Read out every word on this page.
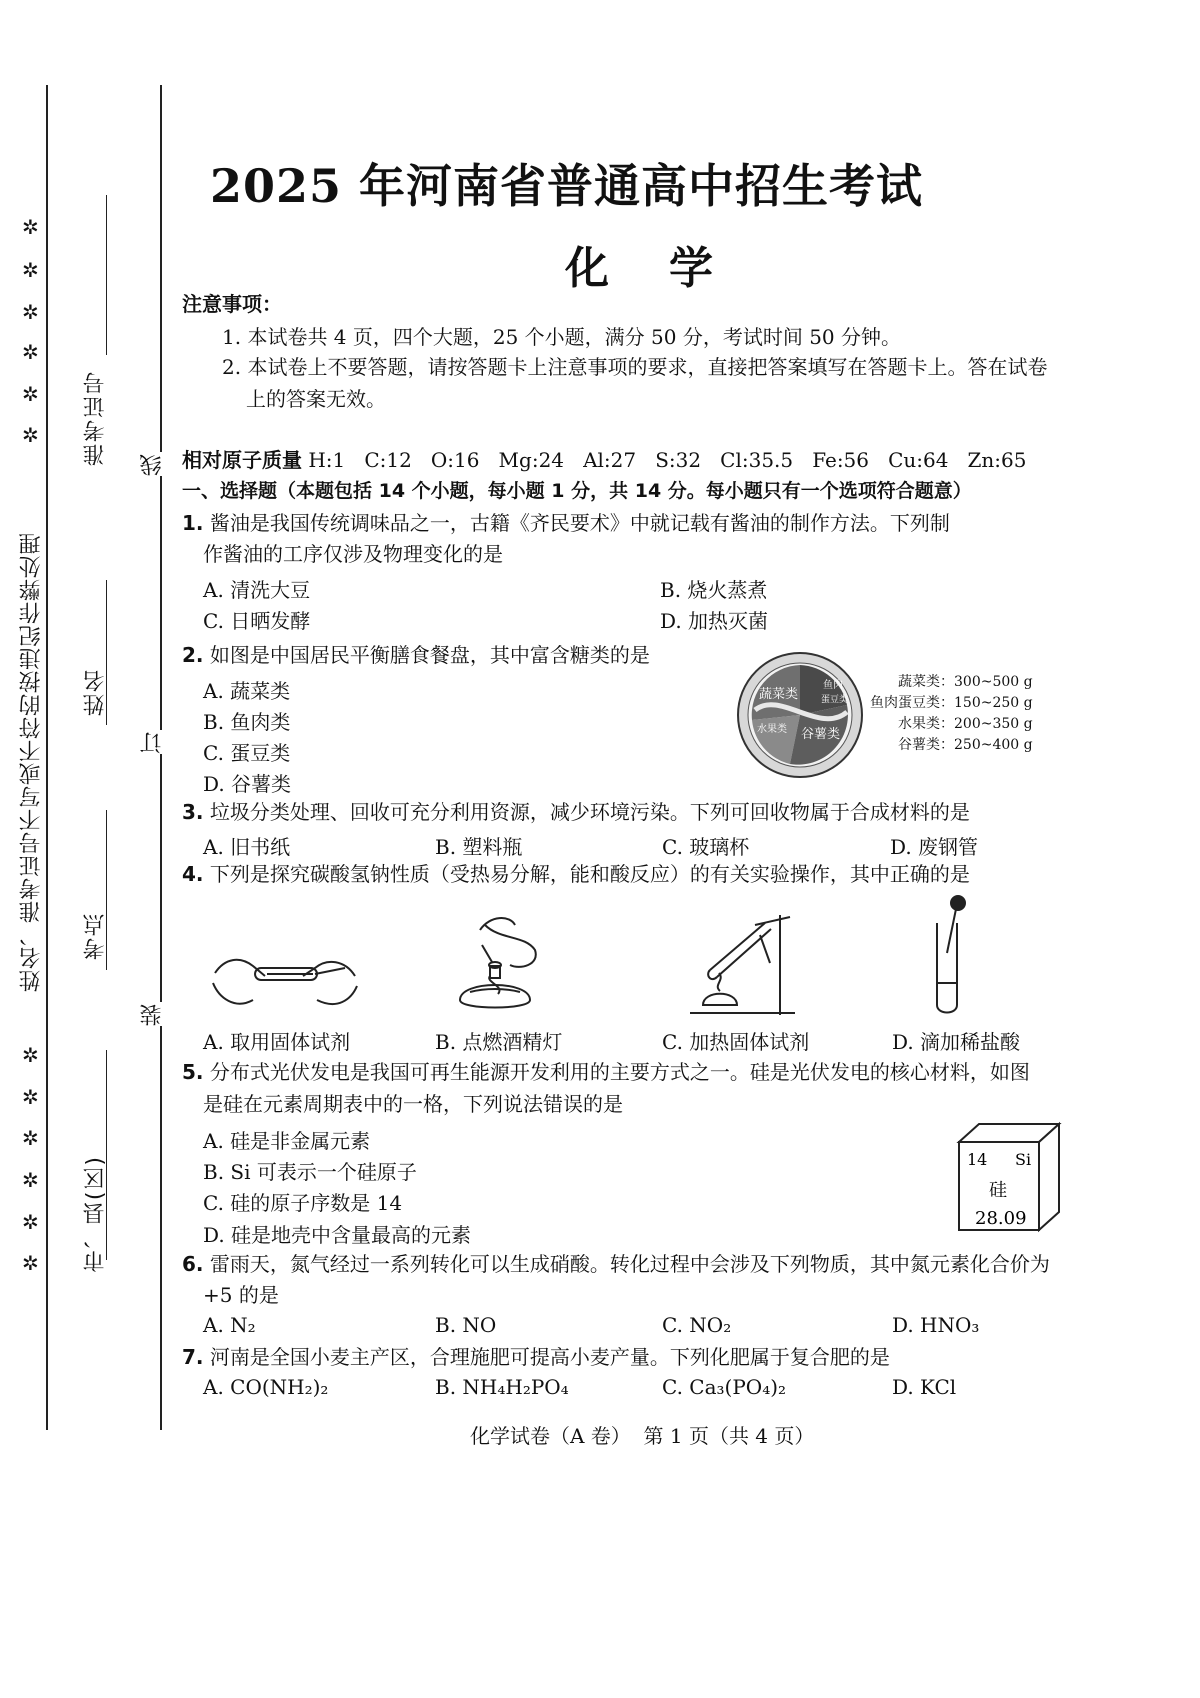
✲
✲
✲
✲
✲
✲
✲
✲
✲
✲
✲
✲
姓名、准考证号不写或不符的按违纪作弊处理
准考证号
姓名
考点
市、县(区)
线
订
装
2025 年河南省普通高中招生考试
化学
注意事项：
1. 本试卷共 4 页，四个大题，25 个小题，满分 50 分，考试时间 50 分钟。
2. 本试卷上不要答题，请按答题卡上注意事项的要求，直接把答案填写在答题卡上。答在试卷
上的答案无效。
相对原子质量 H:1   C:12   O:16   Mg:24   Al:27   S:32   Cl:35.5   Fe:56   Cu:64   Zn:65
一、选择题（本题包括 14 个小题，每小题 1 分，共 14 分。每小题只有一个选项符合题意）
1. 酱油是我国传统调味品之一，古籍《齐民要术》中就记载有酱油的制作方法。下列制
作酱油的工序仅涉及物理变化的是
A. 清洗大豆	B. 烧火蒸煮
C. 日晒发酵	D. 加热灭菌
2. 如图是中国居民平衡膳食餐盘，其中富含糖类的是
A. 蔬菜类
B. 鱼肉类
C. 蛋豆类
D. 谷薯类
蔬菜类
鱼肉
蛋豆类
水果类 谷薯类
蔬菜类：300~500 g
鱼肉蛋豆类：150~250 g
水果类：200~350 g
谷薯类：250~400 g
3. 垃圾分类处理、回收可充分利用资源，减少环境污染。下列可回收物属于合成材料的是
A. 旧书纸	B. 塑料瓶	C. 玻璃杯	D. 废钢管
4. 下列是探究碳酸氢钠性质（受热易分解，能和酸反应）的有关实验操作，其中正确的是
A. 取用固体试剂	B. 点燃酒精灯	C. 加热固体试剂	D. 滴加稀盐酸
5. 分布式光伏发电是我国可再生能源开发利用的主要方式之一。硅是光伏发电的核心材料，如图
是硅在元素周期表中的一格，下列说法错误的是
A. 硅是非金属元素
B. Si 可表示一个硅原子
C. 硅的原子序数是 14
D. 硅是地壳中含量最高的元素
14 Si
硅
28.09
6. 雷雨天，氮气经过一系列转化可以生成硝酸。转化过程中会涉及下列物质，其中氮元素化合价为
+5 的是
A. N₂	B. NO	C. NO₂	D. HNO₃
7. 河南是全国小麦主产区，合理施肥可提高小麦产量。下列化肥属于复合肥的是
A. CO(NH₂)₂	B. NH₄H₂PO₄	C. Ca₃(PO₄)₂	D. KCl
化学试卷（A 卷）  第 1 页（共 4 页）
